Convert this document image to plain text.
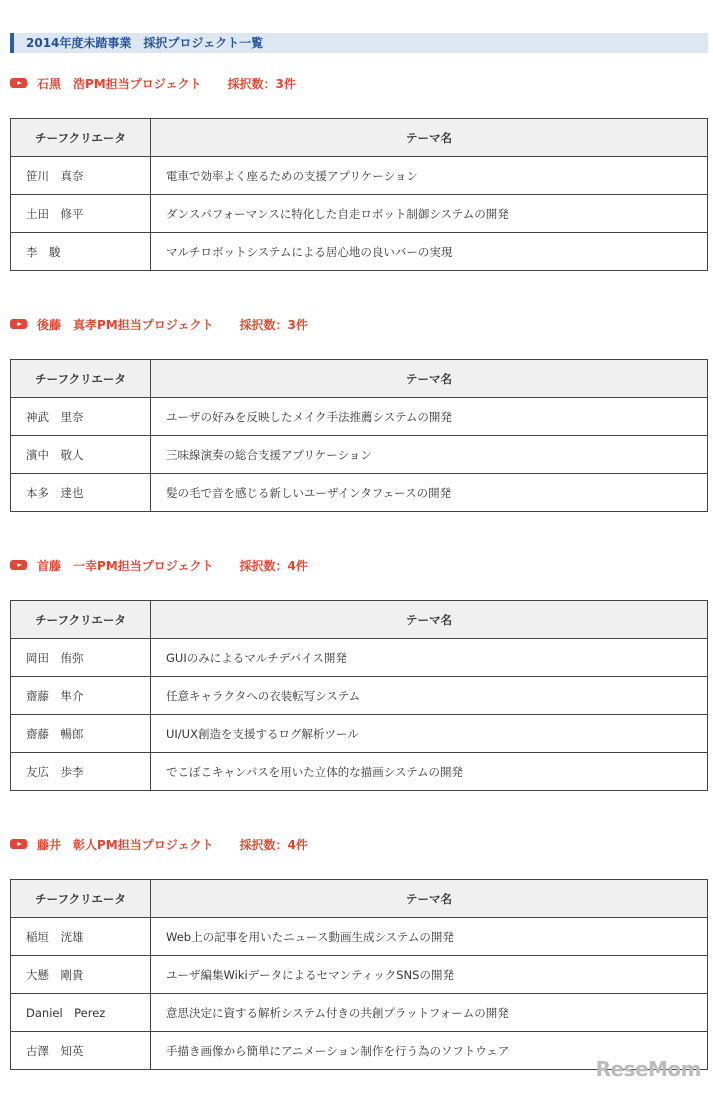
2014年度未踏事業　採択プロジェクト一覧
石黒　浩PM担当プロジェクト 採択数：3件
チーフクリエータ	テーマ名
笹川　真奈	電車で効率よく座るための支援アプリケーション
土田　修平	ダンスパフォーマンスに特化した自走ロボット制御システムの開発
李　駿	マルチロボットシステムによる居心地の良いバーの実現
後藤　真孝PM担当プロジェクト 採択数：3件
チーフクリエータ	テーマ名
神武　里奈	ユーザの好みを反映したメイク手法推薦システムの開発
濱中　敬人	三味線演奏の総合支援アプリケーション
本多　達也	髪の毛で音を感じる新しいユーザインタフェースの開発
首藤　一幸PM担当プロジェクト 採択数：4件
チーフクリエータ	テーマ名
岡田　侑弥	GUIのみによるマルチデバイス開発
齋藤　隼介	任意キャラクタへの衣装転写システム
齋藤　暢郎	UI/UX創造を支援するログ解析ツール
友広　歩李	でこぼこキャンパスを用いた立体的な描画システムの開発
藤井　彰人PM担当プロジェクト 採択数：4件
チーフクリエータ	テーマ名
稲垣　洸雄	Web上の記事を用いたニュース動画生成システムの開発
大懸　剛貴	ユーザ編集WikiデータによるセマンティックSNSの開発
Daniel　Perez	意思決定に資する解析システム付きの共創プラットフォームの開発
古澤　知英	手描き画像から簡単にアニメーション制作を行う為のソフトウェア
ReseMom
